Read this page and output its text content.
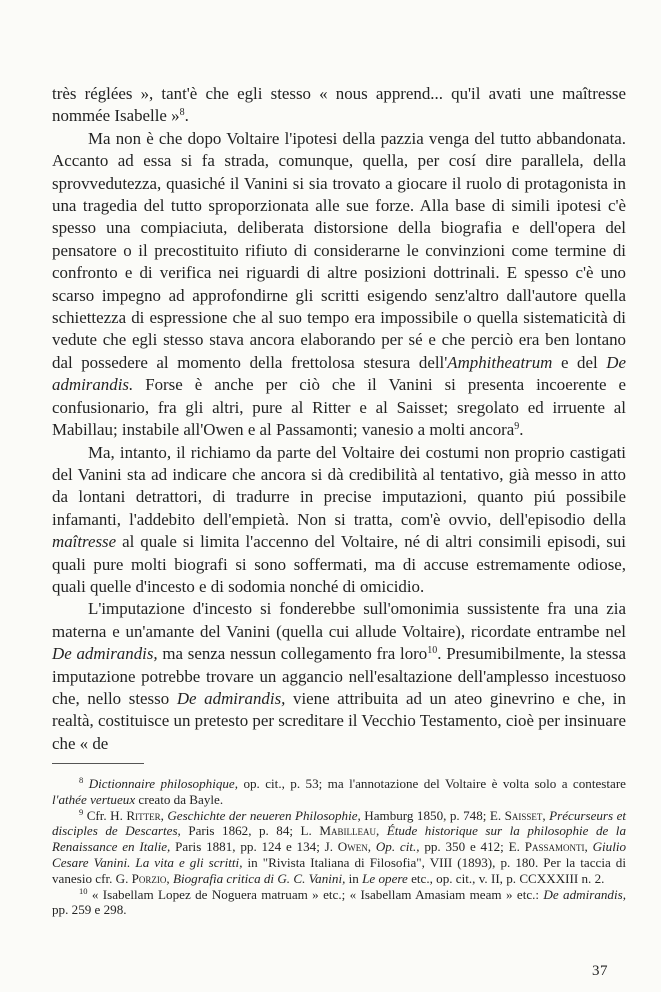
très réglées », tant'è che egli stesso « nous apprend... qu'il avati une maîtresse nommée Isabelle »$^8$.

Ma non è che dopo Voltaire l'ipotesi della pazzia venga del tutto abbandonata. Accanto ad essa si fa strada, comunque, quella, per cosí dire parallela, della sprovvedutezza, quasiché il Vanini si sia trovato a giocare il ruolo di protagonista in una tragedia del tutto sproporzionata alle sue forze. Alla base di simili ipotesi c'è spesso una compiaciuta, deliberata distorsione della biografia e dell'opera del pensatore o il precostituito rifiuto di considerarne le convinzioni come termine di confronto e di verifica nei riguardi di altre posizioni dottrinali. E spesso c'è uno scarso impegno ad approfondirne gli scritti esigendo senz'altro dall'autore quella schiettezza di espressione che al suo tempo era impossibile o quella sistematicità di vedute che egli stesso stava ancora elaborando per sé e che perciò era ben lontano dal possedere al momento della frettolosa stesura dell'Amphitheatrum e del De admirandis. Forse è anche per ciò che il Vanini si presenta incoerente e confusionario, fra gli altri, pure al Ritter e al Saisset; sregolato ed irruente al Mabillau; instabile all'Owen e al Passamonti; vanesio a molti ancora$^9$.

Ma, intanto, il richiamo da parte del Voltaire dei costumi non proprio castigati del Vanini sta ad indicare che ancora si dà credibilità al tentativo, già messo in atto da lontani detrattori, di tradurre in precise imputazioni, quanto piú possibile infamanti, l'addebito dell'empietà. Non si tratta, com'è ovvio, dell'episodio della maîtresse al quale si limita l'accenno del Voltaire, né di altri consimili episodi, sui quali pure molti biografi si sono soffermati, ma di accuse estremamente odiose, quali quelle d'incesto e di sodomia nonché di omicidio.

L'imputazione d'incesto si fonderebbe sull'omonimia sussistente fra una zia materna e un'amante del Vanini (quella cui allude Voltaire), ricordate entrambe nel De admirandis, ma senza nessun collegamento fra loro$^{10}$. Presumibilmente, la stessa imputazione potrebbe trovare un aggancio nell'esaltazione dell'amplesso incestuoso che, nello stesso De admirandis, viene attribuita ad un ateo ginevrino e che, in realtà, costituisce un pretesto per screditare il Vecchio Testamento, cioè per insinuare che « de

$^8$ Dictionnaire philosophique, op. cit., p. 53; ma l'annotazione del Voltaire è volta solo a contestare l'athée vertueux creato da Bayle.

$^9$ Cfr. H. Ritter, Geschichte der neueren Philosophie, Hamburg 1850, p. 748; E. Saisset, Précurseurs et disciples de Descartes, Paris 1862, p. 84; L. Mabilleau, Étude historique sur la philosophie de la Renaissance en Italie, Paris 1881, pp. 124 e 134; J. Owen, Op. cit., pp. 350 e 412; E. Passamonti, Giulio Cesare Vanini. La vita e gli scritti, in "Rivista Italiana di Filosofia", VIII (1893), p. 180. Per la taccia di vanesio cfr. G. Porzio, Biografia critica di G. C. Vanini, in Le opere etc., op. cit., v. II, p. CCXXXIII n. 2.

$^{10}$ « Isabellam Lopez de Noguera matruam » etc.; « Isabellam Amasiam meam » etc.: De admirandis, pp. 259 e 298.

37
